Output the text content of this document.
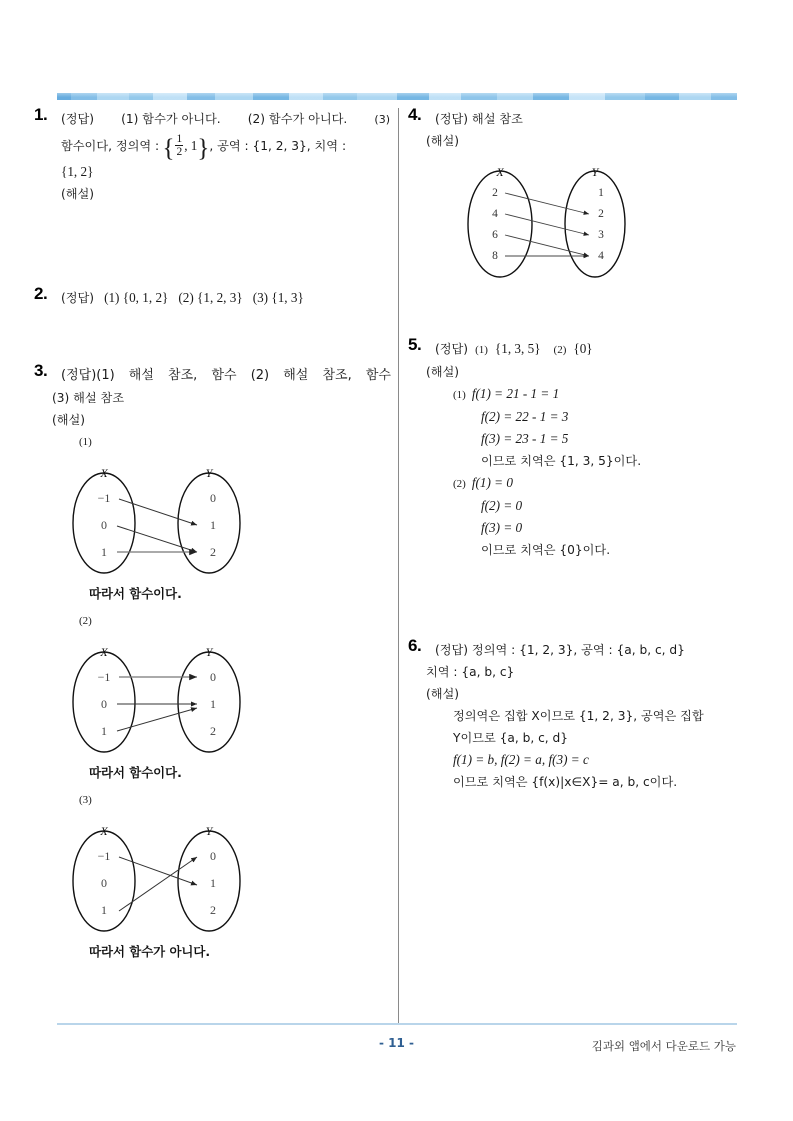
1. (정답) (1) 함수가 아니다. (2) 함수가 아니다. (3)
함수이다, 정의역 : { $\frac{1}{2}$ , 1}, 공역 : {1, 2, 3}, 치역 :
{1, 2}
(해설)
2. (정답) (1) {0, 1, 2} (2) {1, 2, 3} (3) {1, 3}
3. (정답)(1) 해설 참조, 함수 (2) 해설 참조, 함수
(3) 해설 참조
(해설)
(1)
X	Y
−1
0
1
0
1
2
따라서 함수이다.
(2)
X	Y
−1
0
1
0
1
2
따라서 함수이다.
(3)
X	Y
−1
0
1
0
1
2
따라서 함수가 아니다.
4. (정답) 해설 참조
(해설)
X	Y
2
4
6
8
1
2
3
4
5. (정답) (1) {1, 3, 5} (2) {0}
(해설)
(1) f(1) = 21 - 1 = 1
f(2) = 22 - 1 = 3
f(3) = 23 - 1 = 5
이므로 치역은 {1, 3, 5}이다.
(2) f(1) = 0
f(2) = 0
f(3) = 0
이므로 치역은 {0}이다.
6. (정답) 정의역 : {1, 2, 3}, 공역 : {a, b, c, d}
치역 : {a, b, c}
(해설)
정의역은 집합 X이므로 {1, 2, 3}, 공역은 집합
Y이므로 {a, b, c, d}
f(1) = b, f(2) = a, f(3) = c
이므로 치역은 {f(x)|x∈X}= a, b, c이다.
- 11 -	김과외 앱에서 다운로드 가능
